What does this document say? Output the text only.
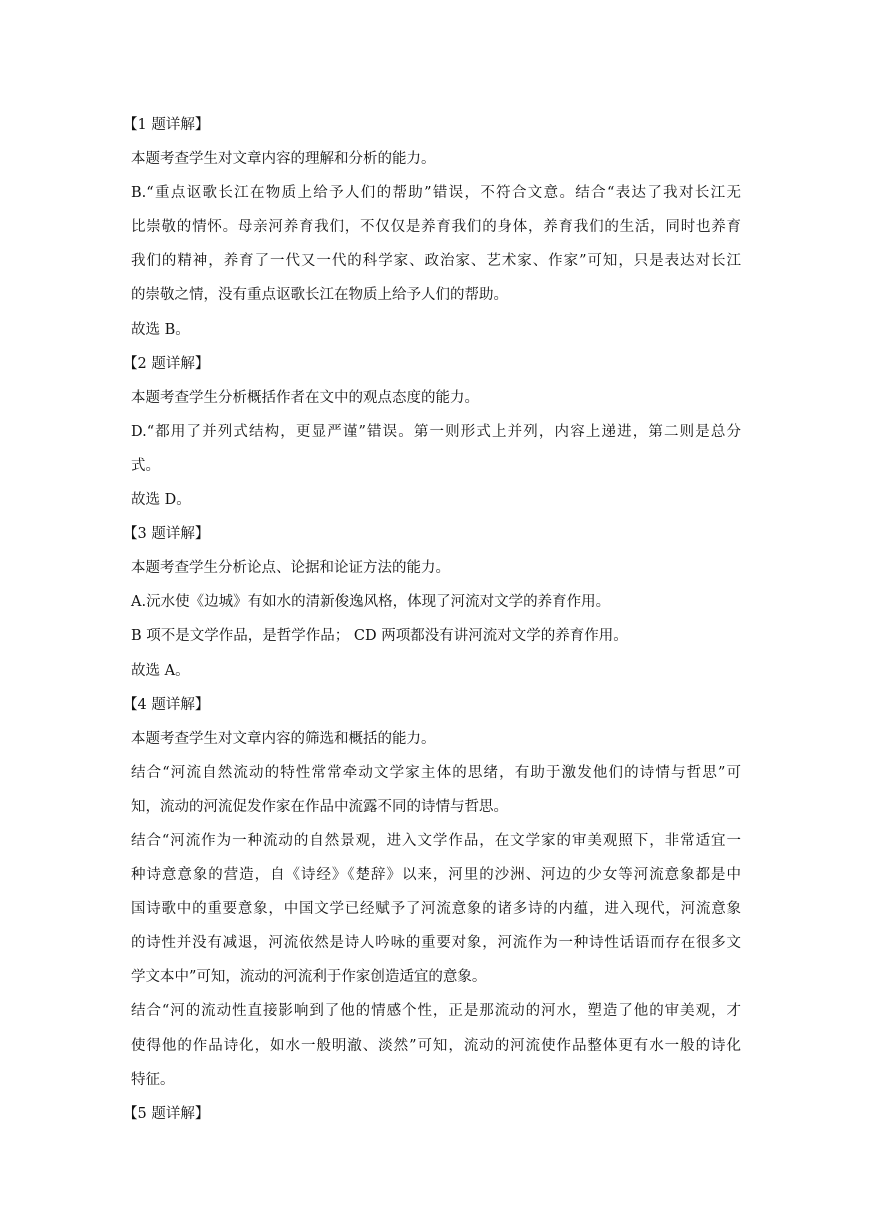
【1 题详解】
本题考查学生对文章内容的理解和分析的能力。
B.“重点讴歌长江在物质上给予人们的帮助”错误，不符合文意。结合“表达了我对长江无
比崇敬的情怀。母亲河养育我们，不仅仅是养育我们的身体，养育我们的生活，同时也养育
我们的精神，养育了一代又一代的科学家、政治家、艺术家、作家”可知，只是表达对长江
的崇敬之情，没有重点讴歌长江在物质上给予人们的帮助。
故选 B。
【2 题详解】
本题考查学生分析概括作者在文中的观点态度的能力。
D.“都用了并列式结构，更显严谨”错误。第一则形式上并列，内容上递进，第二则是总分
式。
故选 D。
【3 题详解】
本题考查学生分析论点、论据和论证方法的能力。
A.沅水使《边城》有如水的清新俊逸风格，体现了河流对文学的养育作用。
B 项不是文学作品，是哲学作品； CD 两项都没有讲河流对文学的养育作用。
故选 A。
【4 题详解】
本题考查学生对文章内容的筛选和概括的能力。
结合“河流自然流动的特性常常牵动文学家主体的思绪，有助于激发他们的诗情与哲思”可
知，流动的河流促发作家在作品中流露不同的诗情与哲思。
结合“河流作为一种流动的自然景观，进入文学作品，在文学家的审美观照下，非常适宜一
种诗意意象的营造，自《诗经》《楚辞》以来，河里的沙洲、河边的少女等河流意象都是中
国诗歌中的重要意象，中国文学已经赋予了河流意象的诸多诗的内蕴，进入现代，河流意象
的诗性并没有减退，河流依然是诗人吟咏的重要对象，河流作为一种诗性话语而存在很多文
学文本中”可知，流动的河流利于作家创造适宜的意象。
结合“河的流动性直接影响到了他的情感个性，正是那流动的河水，塑造了他的审美观，才
使得他的作品诗化，如水一般明澈、淡然”可知，流动的河流使作品整体更有水一般的诗化
特征。
【5 题详解】
